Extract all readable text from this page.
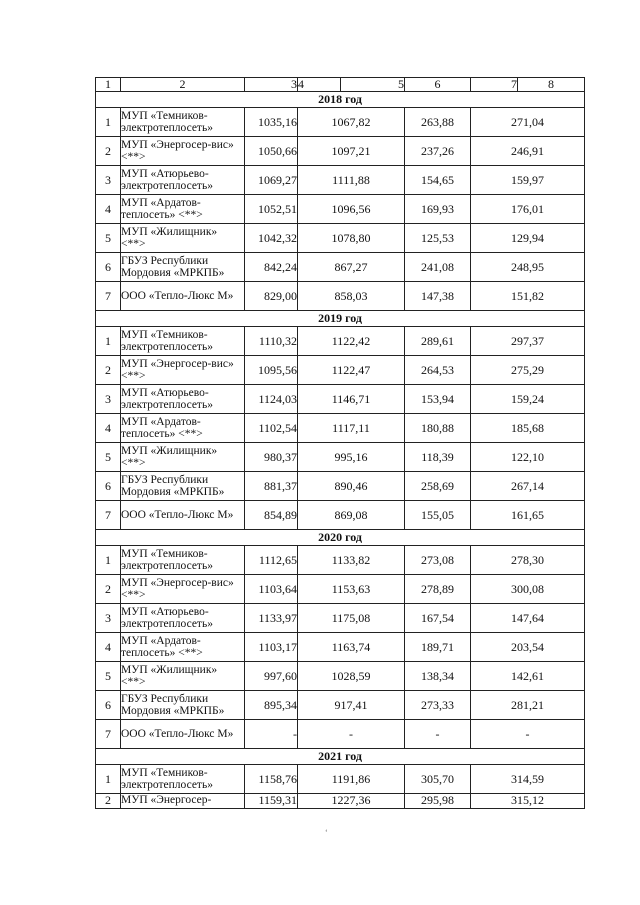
1	2	3	4	5	6	7	8
2018 год							
1	МУП «Темников-электротеплосеть»	1035,16	1067,82		263,88	271,04	
2	МУП «Энергосер-вис» <**>	1050,66	1097,21		237,26	246,91	
3	МУП «Атюрьево-электротеплосеть»	1069,27	1111,88		154,65	159,97	
4	МУП «Ардатов-теплосеть» <**>	1052,51	1096,56		169,93	176,01	
5	МУП «Жилищник» <**>	1042,32	1078,80		125,53	129,94	
6	ГБУЗ Республики Мордовия «МРКПБ»	842,24	867,27		241,08	248,95	
7	ООО «Тепло-Люкс М»	829,00	858,03		147,38	151,82	
2019 год							
1	МУП «Темников-электротеплосеть»	1110,32	1122,42		289,61	297,37	
2	МУП «Энергосер-вис» <**>	1095,56	1122,47		264,53	275,29	
3	МУП «Атюрьево-электротеплосеть»	1124,03	1146,71		153,94	159,24	
4	МУП «Ардатов-теплосеть» <**>	1102,54	1117,11		180,88	185,68	
5	МУП «Жилищник» <**>	980,37	995,16		118,39	122,10	
6	ГБУЗ Республики Мордовия «МРКПБ»	881,37	890,46		258,69	267,14	
7	ООО «Тепло-Люкс М»	854,89	869,08		155,05	161,65	
2020 год							
1	МУП «Темников-электротеплосеть»	1112,65	1133,82		273,08	278,30	
2	МУП «Энергосер-вис» <**>	1103,64	1153,63		278,89	300,08	
3	МУП «Атюрьево-электротеплосеть»	1133,97	1175,08		167,54	147,64	
4	МУП «Ардатов-теплосеть» <**>	1103,17	1163,74		189,71	203,54	
5	МУП «Жилищник» <**>	997,60	1028,59		138,34	142,61	
6	ГБУЗ Республики Мордовия «МРКПБ»	895,34	917,41		273,33	281,21	
7	ООО «Тепло-Люкс М»	-	-		-	-	
2021 год							
1	МУП «Темников-электротеплосеть»	1158,76	1191,86		305,70	314,59	
2	МУП «Энергосер-	1159,31	1227,36		295,98	315,12	
‘
